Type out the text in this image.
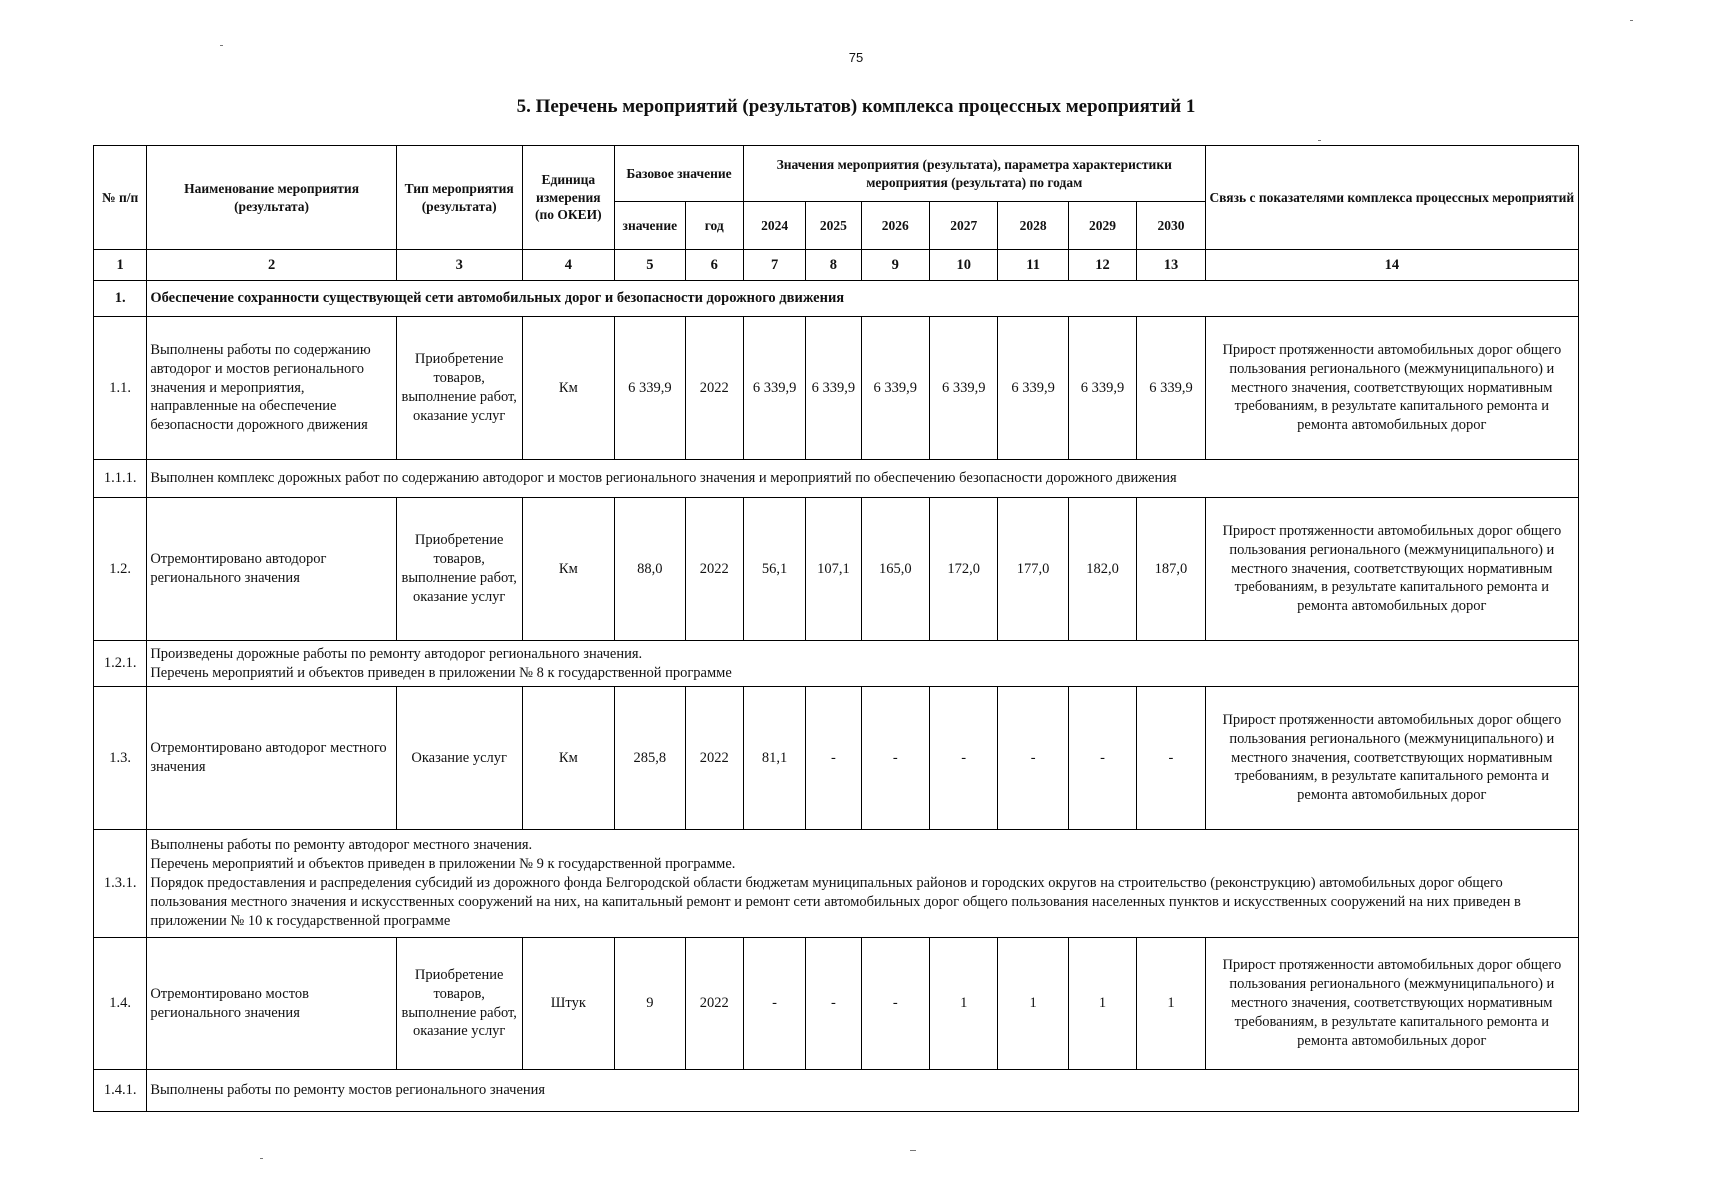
75
5. Перечень мероприятий (результатов) комплекса процессных мероприятий 1
№ п/п	Наименование мероприятия (результата)	Тип мероприятия (результата)	Единица измерения (по ОКЕИ)	Базовое значение		Значения мероприятия (результата), параметра характеристики мероприятия (результата) по годам							Связь с показателями комплекса процессных мероприятий
				значение	год	2024	2025	2026	2027	2028	2029	2030	
1	2	3	4	5	6	7	8	9	10	11	12	13	14
1.	Обеспечение сохранности существующей сети автомобильных дорог и безопасности дорожного движения												
1.1.	Выполнены работы по содержанию автодорог и мостов регионального значения и мероприятия, направленные на обеспечение безопасности дорожного движения	Приобретение товаров, выполнение работ, оказание услуг	Км	6 339,9	2022	6 339,9	6 339,9	6 339,9	6 339,9	6 339,9	6 339,9	6 339,9	Прирост протяженности автомобильных дорог общего пользования регионального (межмуниципального) и местного значения, соответствующих нормативным требованиям, в результате капитального ремонта и ремонта автомобильных дорог
1.1.1.	Выполнен комплекс дорожных работ по содержанию автодорог и мостов регионального значения и мероприятий по обеспечению безопасности дорожного движения												

1.2.	Отремонтировано автодорог регионального значения	Приобретение товаров, выполнение работ, оказание услуг	Км	88,0	2022	56,1	107,1	165,0	172,0	177,0	182,0	187,0	Прирост протяженности автомобильных дорог общего пользования регионального (межмуниципального) и местного значения, соответствующих нормативным требованиям, в результате капитального ремонта и ремонта автомобильных дорог
1.2.1.	Произведены дорожные работы по ремонту автодорог регионального значения.
Перечень мероприятий и объектов приведен в приложении № 8 к государственной программе												

1.3.	Отремонтировано автодорог местного значения	Оказание услуг	Км	285,8	2022	81,1	-	-	-	-	-	-	Прирост протяженности автомобильных дорог общего пользования регионального (межмуниципального) и местного значения, соответствующих нормативным требованиям, в результате капитального ремонта и ремонта автомобильных дорог
1.3.1.	Выполнены работы по ремонту автодорог местного значения.
Перечень мероприятий и объектов приведен в приложении № 9 к государственной программе.
Порядок предоставления и распределения субсидий из дорожного фонда Белгородской области бюджетам муниципальных районов и городских округов на строительство (реконструкцию) автомобильных дорог общего пользования местного значения и искусственных сооружений на них, на капитальный ремонт и ремонт сети автомобильных дорог общего пользования населенных пунктов и искусственных сооружений на них приведен в приложении № 10 к государственной программе												

1.4.	Отремонтировано мостов регионального значения	Приобретение товаров, выполнение работ, оказание услуг	Штук	9	2022	-	-	-	1	1	1	1	Прирост протяженности автомобильных дорог общего пользования регионального (межмуниципального) и местного значения, соответствующих нормативным требованиям, в результате капитального ремонта и ремонта автомобильных дорог
1.4.1.	Выполнены работы по ремонту мостов регионального значения												
